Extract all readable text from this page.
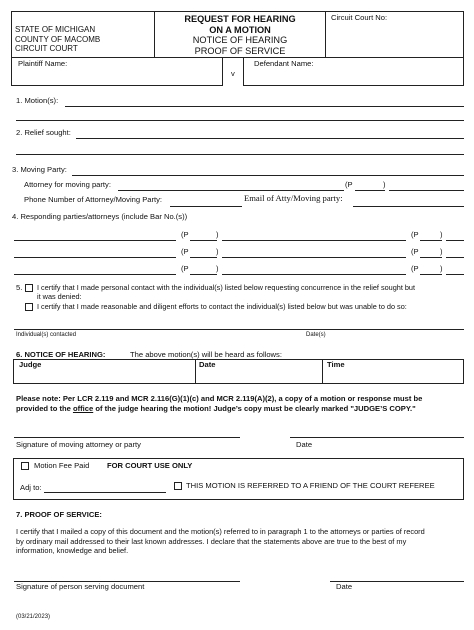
STATE OF MICHIGAN
COUNTY OF MACOMB
CIRCUIT COURT
REQUEST FOR HEARING
ON A MOTION
NOTICE OF HEARING
PROOF OF SERVICE
Circuit Court No:
Plaintiff Name:
v
Defendant Name:
1. Motion(s):
2. Relief sought:
3. Moving Party:
Attorney for moving party:	(P	)
Phone Number of Attorney/Moving Party:	Email of Atty/Moving party:
4. Responding parties/attorneys (include Bar No.(s))
(P	)	(P	)
(P	)	(P	)
(P	)	(P	)
5. I certify that I made personal contact with the individual(s) listed below requesting concurrence in the relief sought but
it was denied:
I certify that I made reasonable and diligent efforts to contact the individual(s) listed below but was unable to do so:
Individual(s) contacted	Date(s)
6. NOTICE OF HEARING:	The above motion(s) will be heard as follows:
Judge	Date	Time
Please note: Per LCR 2.119 and MCR 2.116(G)(1)(c) and MCR 2.119(A)(2), a copy of a motion or response must be
provided to the office of the judge hearing the motion! Judge’s copy must be clearly marked "JUDGE’S COPY."
Signature of moving attorney or party	Date
Motion Fee Paid FOR COURT USE ONLY
Adj to:	THIS MOTION IS REFERRED TO A FRIEND OF THE COURT REFEREE
7. PROOF OF SERVICE:
I certify that I mailed a copy of this document and the motion(s) referred to in paragraph 1 to the attorneys or parties of record
by ordinary mail addressed to their last known addresses. I declare that the statements above are true to the best of my
information, knowledge and belief.
Signature of person serving document	Date
(03/21/2023)
